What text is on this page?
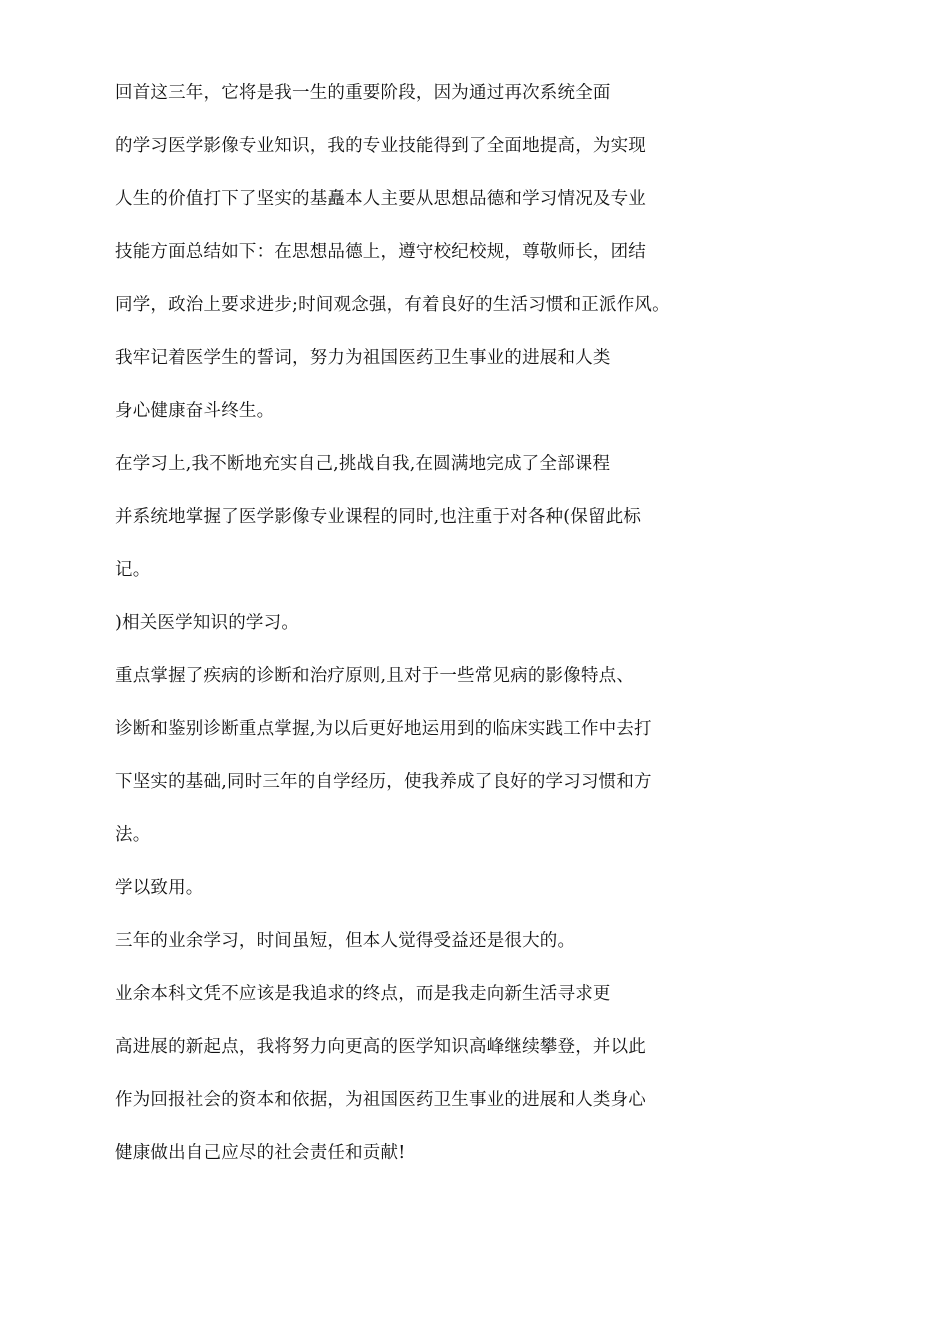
回首这三年，它将是我一生的重要阶段，因为通过再次系统全面
的学习医学影像专业知识，我的专业技能得到了全面地提高，为实现
人生的价值打下了坚实的基矗本人主要从思想品德和学习情况及专业
技能方面总结如下：在思想品德上，遵守校纪校规，尊敬师长，团结
同学，政治上要求进步;时间观念强，有着良好的生活习惯和正派作风。
我牢记着医学生的誓词，努力为祖国医药卫生事业的进展和人类
身心健康奋斗终生。
在学习上,我不断地充实自己,挑战自我,在圆满地完成了全部课程
并系统地掌握了医学影像专业课程的同时,也注重于对各种(保留此标
记。
)相关医学知识的学习。
重点掌握了疾病的诊断和治疗原则,且对于一些常见病的影像特点、
诊断和鉴别诊断重点掌握,为以后更好地运用到的临床实践工作中去打
下坚实的基础,同时三年的自学经历，使我养成了良好的学习习惯和方
法。
学以致用。
三年的业余学习，时间虽短，但本人觉得受益还是很大的。
业余本科文凭不应该是我追求的终点，而是我走向新生活寻求更
高进展的新起点，我将努力向更高的医学知识高峰继续攀登，并以此
作为回报社会的资本和依据，为祖国医药卫生事业的进展和人类身心
健康做出自己应尽的社会责任和贡献!
